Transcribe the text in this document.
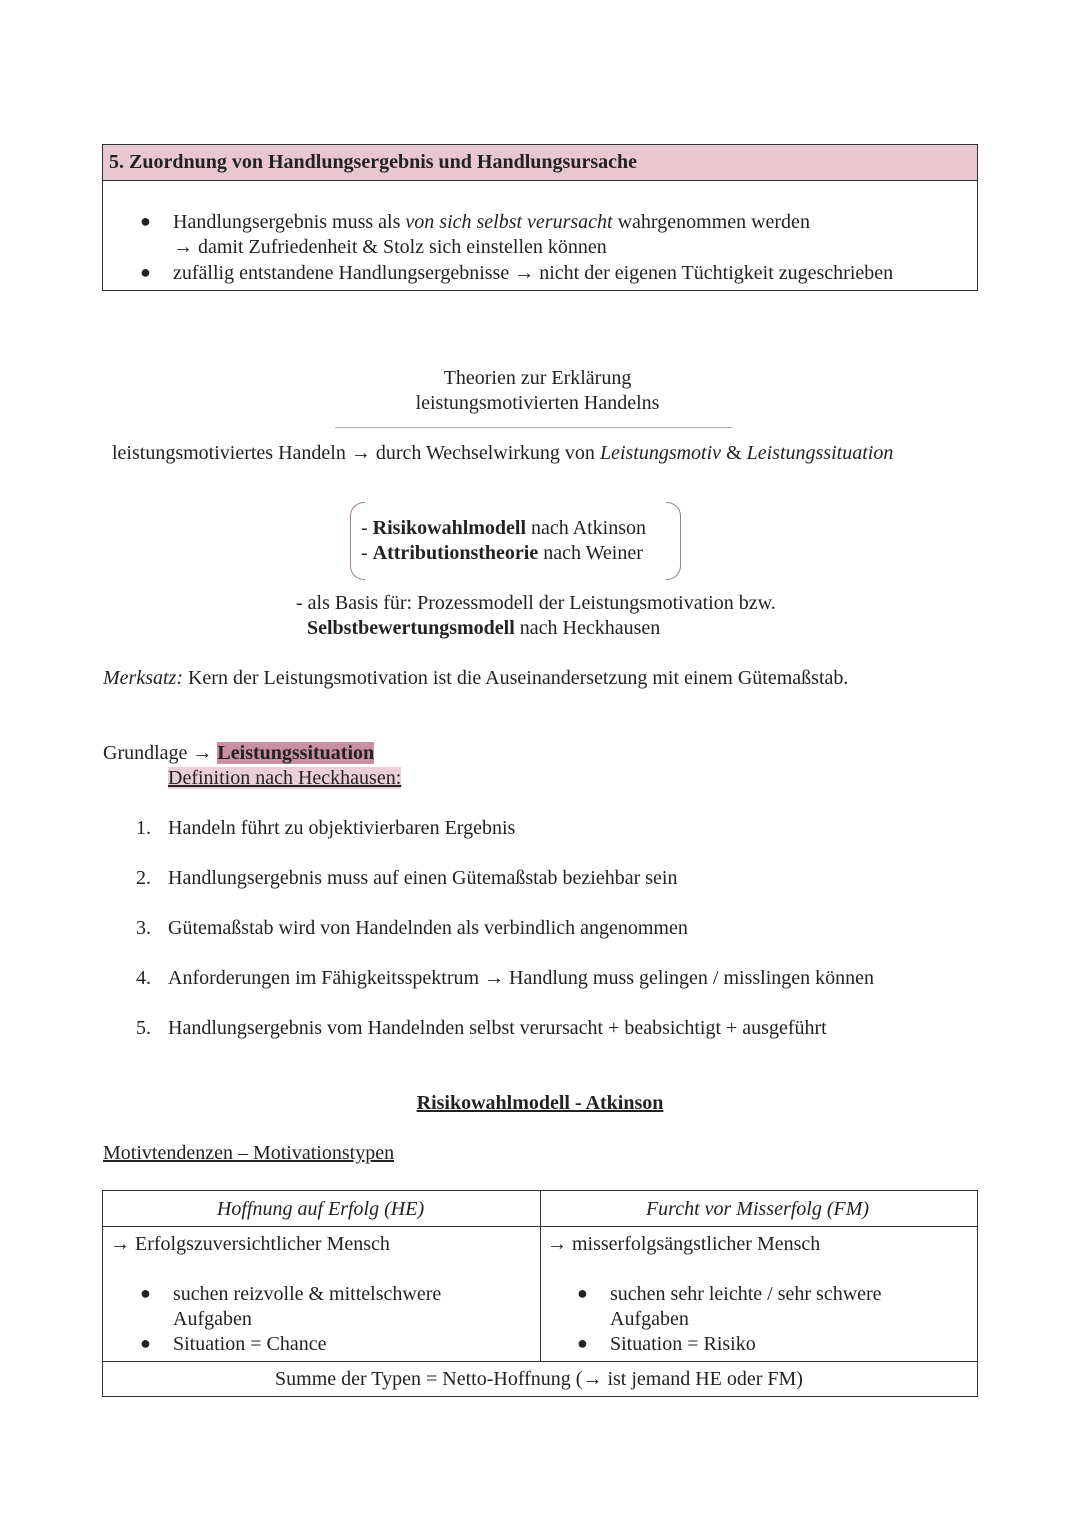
5. Zuordnung von Handlungsergebnis und Handlungsursache
● Handlungsergebnis muss als von sich selbst verursacht wahrgenommen werden
→ damit Zufriedenheit & Stolz sich einstellen können
● zufällig entstandene Handlungsergebnisse → nicht der eigenen Tüchtigkeit zugeschrieben
Theorien zur Erklärung
leistungsmotivierten Handelns
leistungsmotiviertes Handeln → durch Wechselwirkung von Leistungsmotiv & Leistungssituation
- Risikowahlmodell nach Atkinson
- Attributionstheorie nach Weiner
- als Basis für: Prozessmodell der Leistungsmotivation bzw.
Selbstbewertungsmodell nach Heckhausen
Merksatz: Kern der Leistungsmotivation ist die Auseinandersetzung mit einem Gütemaßstab.
Grundlage → Leistungssituation
Definition nach Heckhausen:
1. Handeln führt zu objektivierbaren Ergebnis
2. Handlungsergebnis muss auf einen Gütemaßstab beziehbar sein
3. Gütemaßstab wird von Handelnden als verbindlich angenommen
4. Anforderungen im Fähigkeitsspektrum → Handlung muss gelingen / misslingen können
5. Handlungsergebnis vom Handelnden selbst verursacht + beabsichtigt + ausgeführt
Risikowahlmodell - Atkinson
Motivtendenzen – Motivationstypen
Hoffnung auf Erfolg (HE)	Furcht vor Misserfolg (FM)
→ Erfolgszuversichtlicher Mensch	→ misserfolgsängstlicher Mensch
● suchen reizvolle & mittelschwere
Aufgaben
● Situation = Chance
● suchen sehr leichte / sehr schwere
Aufgaben
● Situation = Risiko
Summe der Typen = Netto-Hoffnung (→ ist jemand HE oder FM)
